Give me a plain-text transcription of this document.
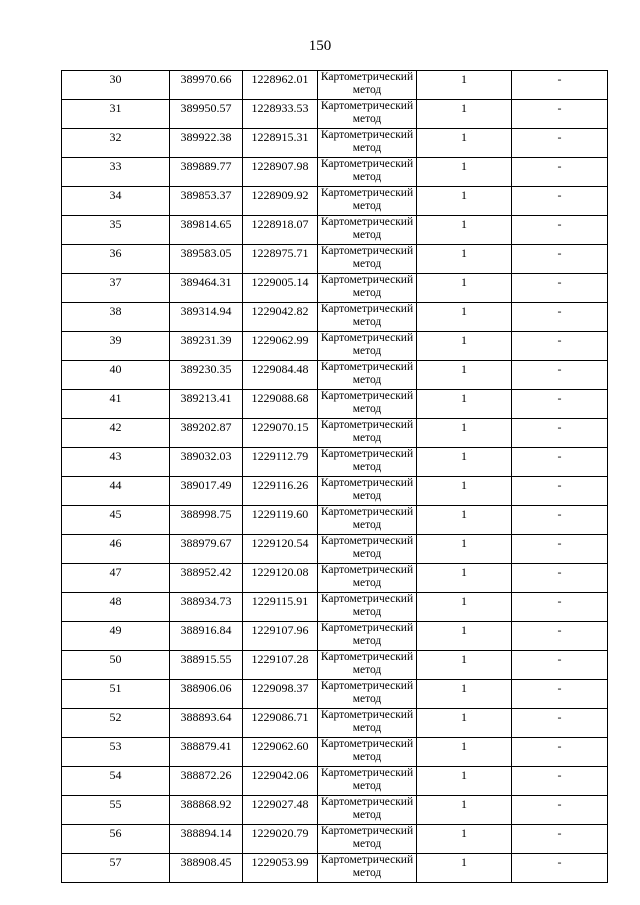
150
30	389970.66	1228962.01	Картометрический метод	1	-
31	389950.57	1228933.53	Картометрический метод	1	-
32	389922.38	1228915.31	Картометрический метод	1	-
33	389889.77	1228907.98	Картометрический метод	1	-
34	389853.37	1228909.92	Картометрический метод	1	-
35	389814.65	1228918.07	Картометрический метод	1	-
36	389583.05	1228975.71	Картометрический метод	1	-
37	389464.31	1229005.14	Картометрический метод	1	-
38	389314.94	1229042.82	Картометрический метод	1	-
39	389231.39	1229062.99	Картометрический метод	1	-
40	389230.35	1229084.48	Картометрический метод	1	-
41	389213.41	1229088.68	Картометрический метод	1	-
42	389202.87	1229070.15	Картометрический метод	1	-
43	389032.03	1229112.79	Картометрический метод	1	-
44	389017.49	1229116.26	Картометрический метод	1	-
45	388998.75	1229119.60	Картометрический метод	1	-
46	388979.67	1229120.54	Картометрический метод	1	-
47	388952.42	1229120.08	Картометрический метод	1	-
48	388934.73	1229115.91	Картометрический метод	1	-
49	388916.84	1229107.96	Картометрический метод	1	-
50	388915.55	1229107.28	Картометрический метод	1	-
51	388906.06	1229098.37	Картометрический метод	1	-
52	388893.64	1229086.71	Картометрический метод	1	-
53	388879.41	1229062.60	Картометрический метод	1	-
54	388872.26	1229042.06	Картометрический метод	1	-
55	388868.92	1229027.48	Картометрический метод	1	-
56	388894.14	1229020.79	Картометрический метод	1	-
57	388908.45	1229053.99	Картометрический метод	1	-
